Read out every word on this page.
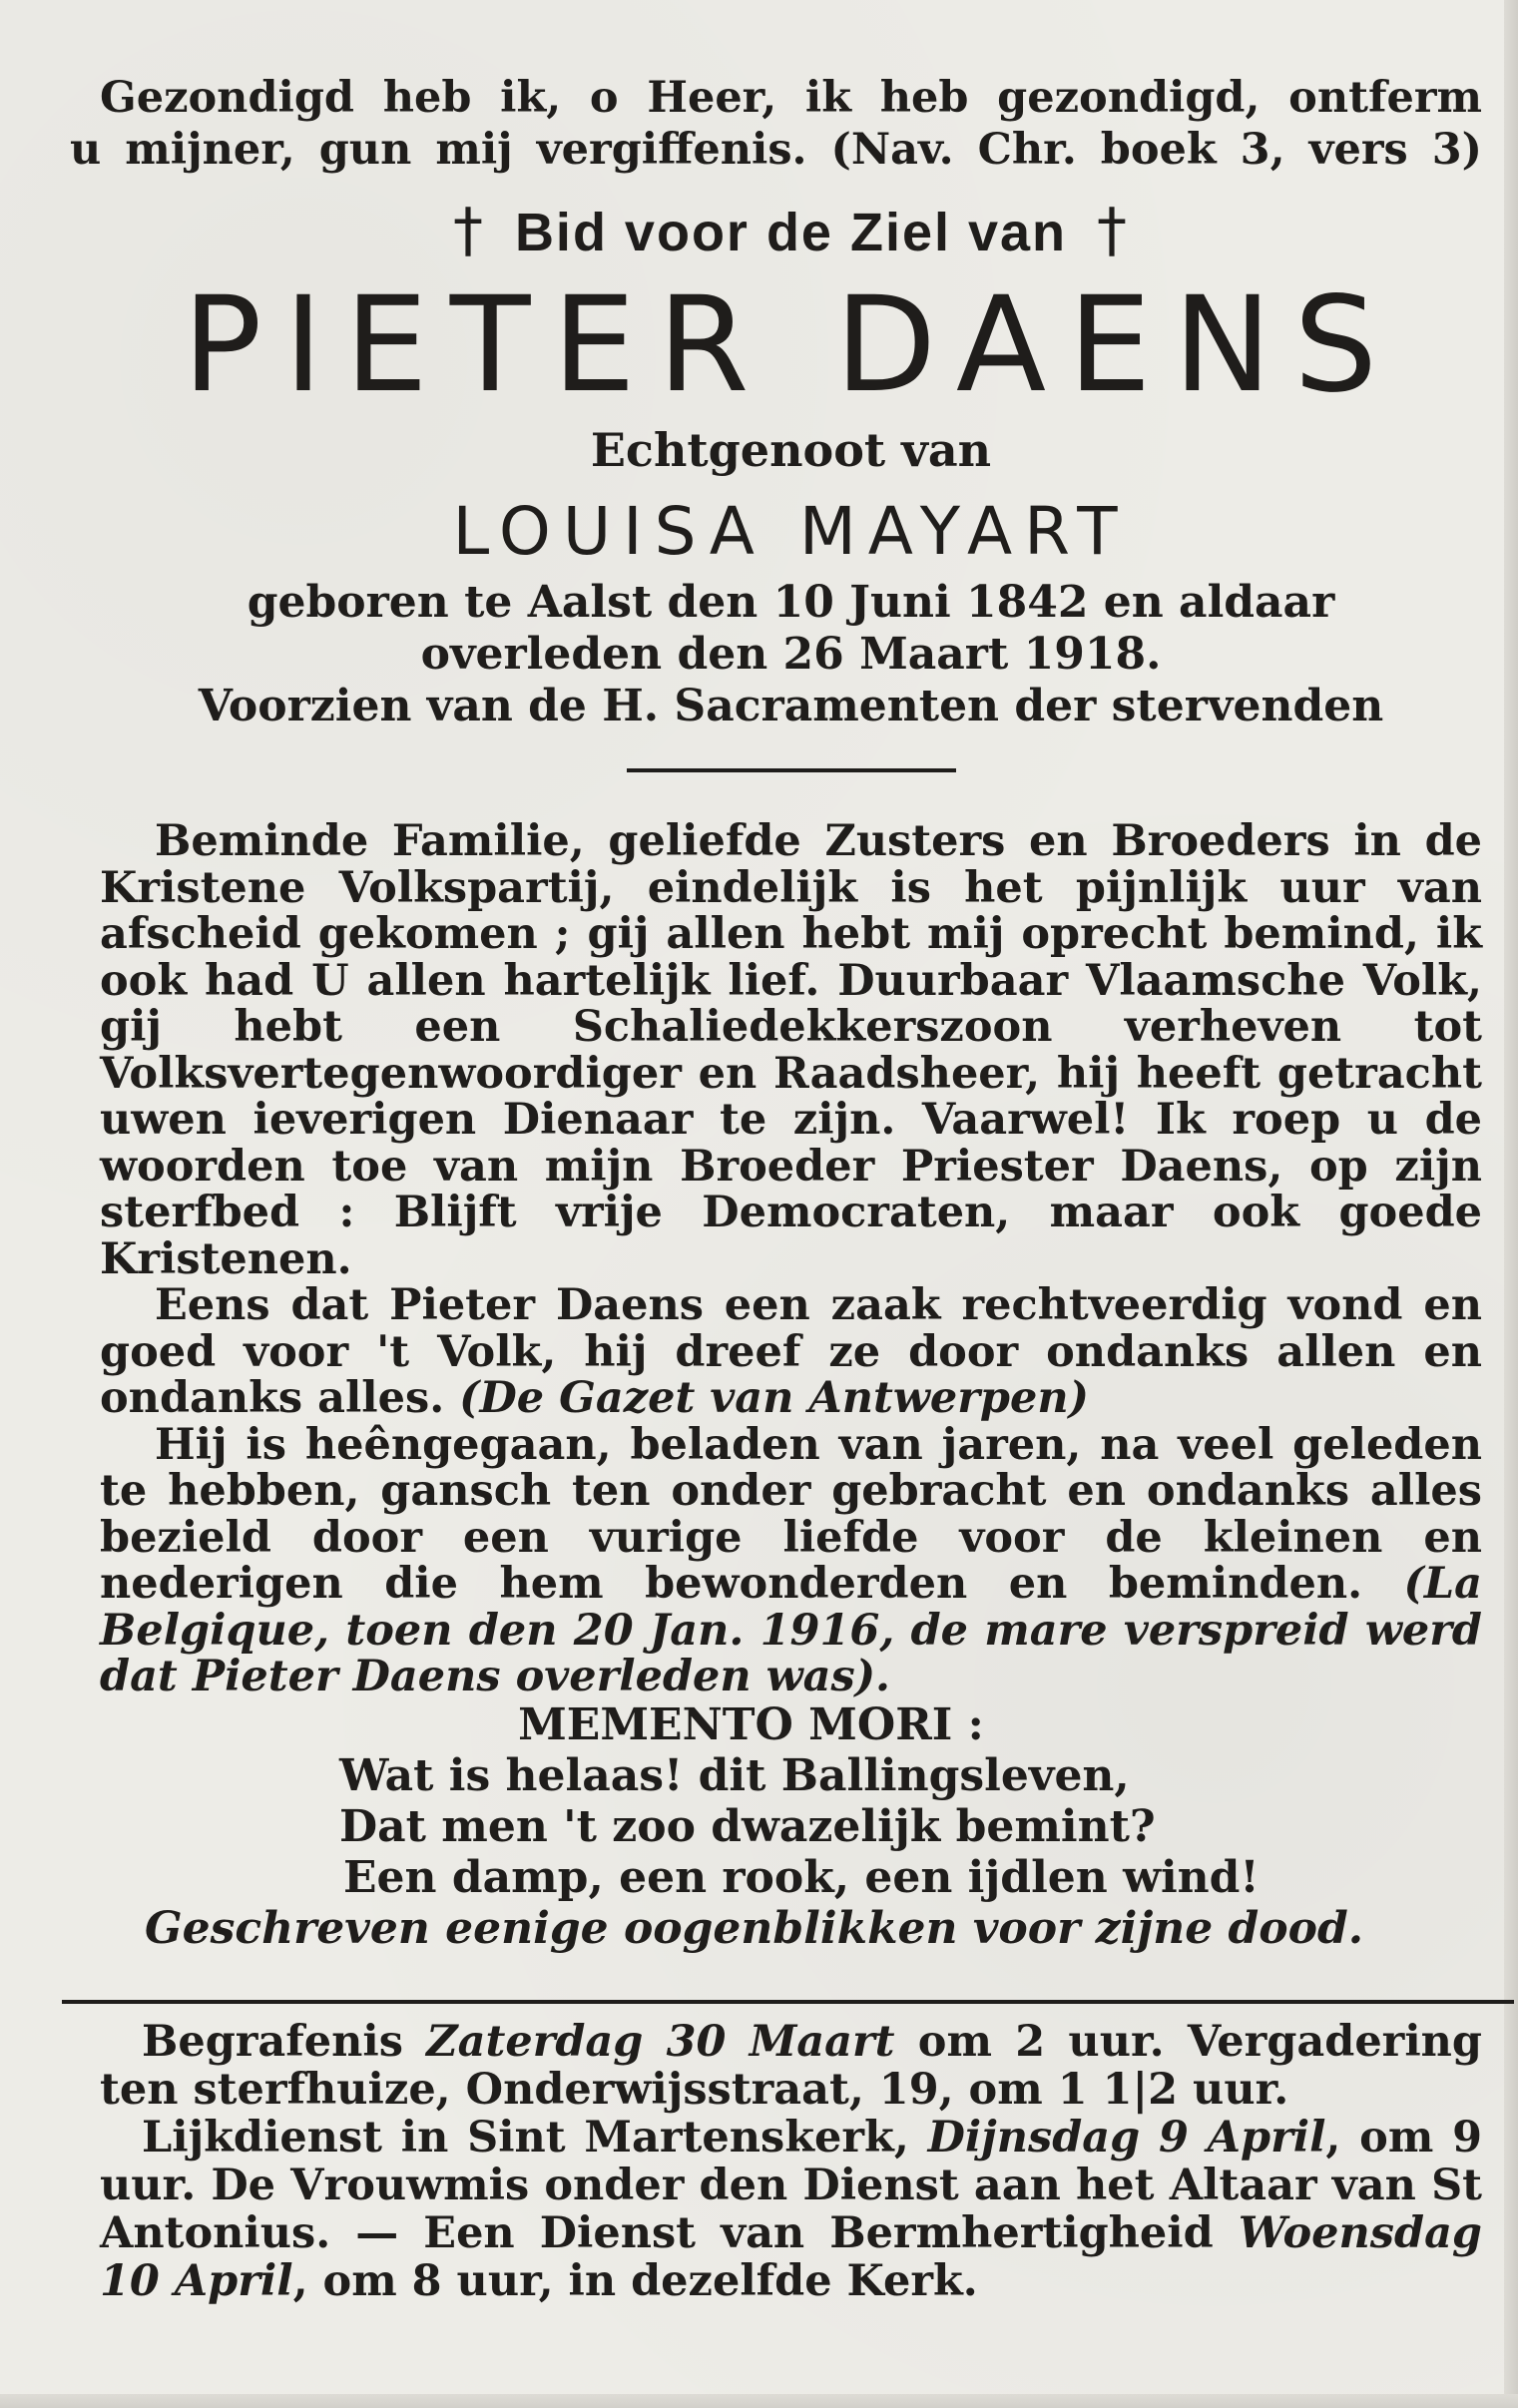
Gezondigd heb ik, o Heer, ik heb gezondigd, ontferm

u mijner, gun mij vergiffenis. (Nav. Chr. boek 3, vers 3)

† Bid voor de Ziel van †
PIETER DAENS
Echtgenoot van
LOUISA MAYART
geboren te Aalst den 10 Juni 1842 en aldaar
overleden den 26 Maart 1918.
Voorzien van de H. Sacramenten der stervenden

Beminde Familie, geliefde Zusters en Broeders in de Kristene Volkspartij, eindelijk is het pijnlijk uur van afscheid gekomen ; gij allen hebt mij oprecht bemind, ik ook had U allen hartelijk lief. Duurbaar Vlaamsche Volk, gij hebt een Schaliedekkerszoon verheven tot Volksvertegenwoordiger en Raadsheer, hij heeft getracht uwen ieverigen Dienaar te zijn. Vaarwel! Ik roep u de woorden toe van mijn Broeder Priester Daens, op zijn sterfbed : Blijft vrije Democraten, maar ook goede Kristenen.

Eens dat Pieter Daens een zaak rechtveerdig vond en goed voor 't Volk, hij dreef ze door ondanks allen en ondanks alles. (De Gazet van Antwerpen)

Hij is heêngegaan, beladen van jaren, na veel geleden te hebben, gansch ten onder gebracht en ondanks alles bezield door een vurige liefde voor de kleinen en nederigen die hem bewonderden en beminden. (La Belgique, toen den 20 Jan. 1916, de mare verspreid werd dat Pieter Daens overleden was).

MEMENTO MORI :
Wat is helaas! dit Ballingsleven,
Dat men 't zoo dwazelijk bemint?
Een damp, een rook, een ijdlen wind!
Geschreven eenige oogenblikken voor zijne dood.

Begrafenis Zaterdag 30 Maart om 2 uur. Vergadering ten sterfhuize, Onderwijsstraat, 19, om 1 1|2 uur.

Lijkdienst in Sint Martenskerk, Dijnsdag 9 April, om 9 uur. De Vrouwmis onder den Dienst aan het Altaar van St Antonius. — Een Dienst van Bermhertigheid Woensdag 10 April, om 8 uur, in dezelfde Kerk.
